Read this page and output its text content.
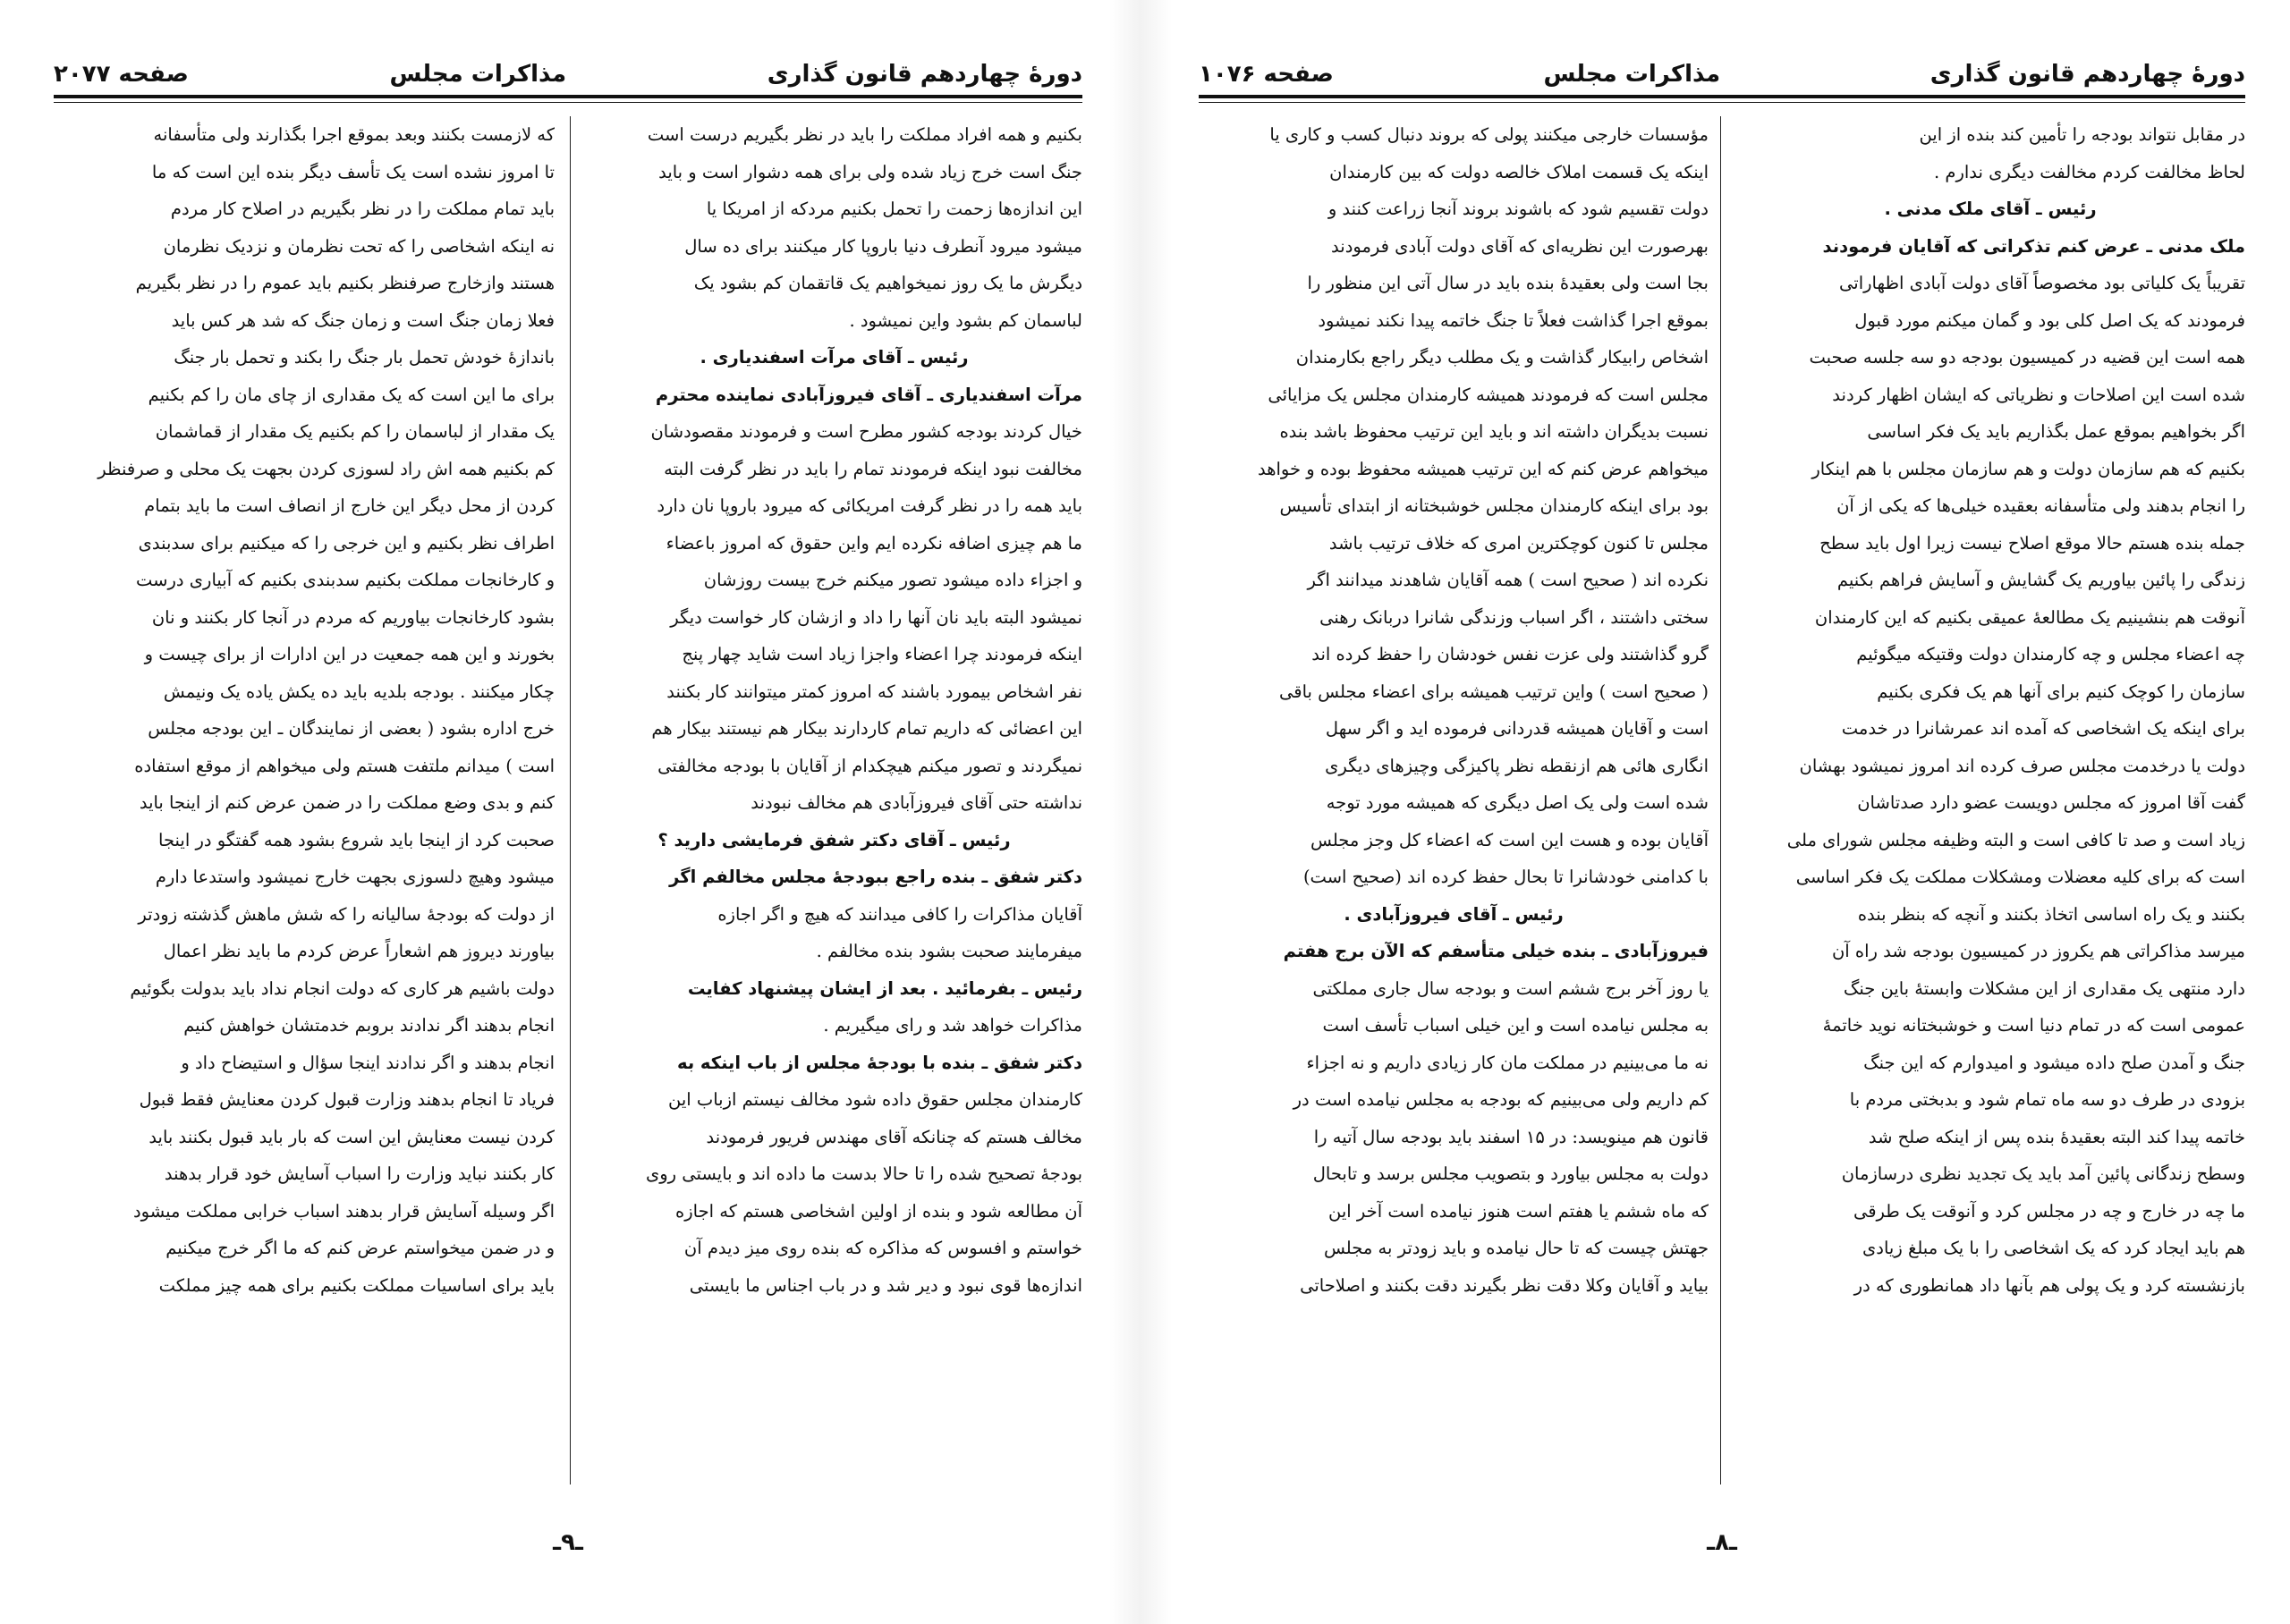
دورهٔ چهاردهم قانون گذاری
مذاکرات مجلس
صفحه ۲۰۷۷

بکنیم و همه افراد مملکت را باید در نظر بگیریم درست است

جنگ است خرج زیاد شده ولی برای همه دشوار است و باید

این اندازه‌ها زحمت را تحمل بکنیم مردکه از امریکا یا

میشود میرود آنطرف دنیا باروپا کار میکنند برای ده سال

دیگرش ما یک روز نمیخواهیم یک قاتقمان کم بشود یک

لباسمان کم بشود واین نمیشود .

رئیس ـ آقای مرآت اسفندیاری .

مرآت اسفندیاری ـ آقای فیروزآبادی نماینده محترم

خیال کردند بودجه کشور مطرح است و فرمودند مقصودشان

مخالفت نبود اینکه فرمودند تمام را باید در نظر گرفت البته

باید همه را در نظر گرفت امریکائی که میرود باروپا نان دارد

ما هم چیزی اضافه نکرده ایم واین حقوق که امروز باعضاء

و اجزاء داده میشود تصور میکنم خرج بیست روزشان

نمیشود البته باید نان آنها را داد و ازشان کار خواست دیگر

اینکه فرمودند چرا اعضاء واجزا زیاد است شاید چهار پنج

نفر اشخاص بیمورد باشند که امروز کمتر میتوانند کار بکنند

این اعضائی که داریم تمام کاردارند بیکار هم نیستند بیکار هم

نمیگردند و تصور میکنم هیچکدام از آقایان با بودجه مخالفتی

نداشته حتی آقای فیروزآبادی هم مخالف نبودند

رئیس ـ آقای دکتر شفق فرمایشی دارید ؟

دکتر شفق ـ بنده راجع ببودجهٔ مجلس مخالفم اگر

آقایان مذاکرات را کافی میدانند که هیچ و اگر اجازه

میفرمایند صحبت بشود بنده مخالفم .

رئیس ـ بفرمائید . بعد از ایشان پیشنهاد کفایت

مذاکرات خواهد شد و رای میگیریم .

دکتر شفق ـ بنده با بودجهٔ مجلس از باب اینکه به

کارمندان مجلس حقوق داده شود مخالف نیستم ازباب این

مخالف هستم که چنانکه آقای مهندس فریور فرمودند

بودجهٔ تصحیح شده را تا حالا بدست ما داده اند و بایستی روی

آن مطالعه شود و بنده از اولین اشخاصی هستم که اجازه

خواستم و افسوس که مذاکره که بنده روی میز دیدم آن

اندازه‌ها قوی نبود و دیر شد و در باب اجناس ما بایستی

که لازمست بکنند وبعد بموقع اجرا بگذارند ولی متأسفانه

تا امروز نشده است یک تأسف دیگر بنده این است که ما

باید تمام مملکت را در نظر بگیریم در اصلاح کار مردم

نه اینکه اشخاصی را که تحت نظرمان و نزدیک نظرمان

هستند وازخارج صرفنظر بکنیم باید عموم را در نظر بگیریم

فعلا زمان جنگ است و زمان جنگ که شد هر کس باید

باندازهٔ خودش تحمل بار جنگ را بکند و تحمل بار جنگ

برای ما این است که یک مقداری از چای مان را کم بکنیم

یک مقدار از لباسمان را کم بکنیم یک مقدار از قماشمان

کم بکنیم همه اش راد لسوزی کردن بجهت یک محلی و صرفنظر

کردن از محل دیگر این خارج از انصاف است ما باید بتمام

اطراف نظر بکنیم و این خرجی را که میکنیم برای سدبندی

و کارخانجات مملکت بکنیم سدبندی بکنیم که آبیاری درست

بشود کارخانجات بیاوریم که مردم در آنجا کار بکنند و نان

بخورند و این همه جمعیت در این ادارات از برای چیست و

چکار میکنند . بودجه بلدیه باید ده یکش یاده یک ونیمش

خرج اداره بشود ( بعضی از نمایندگان ـ این بودجه مجلس

است ) میدانم ملتفت هستم ولی میخواهم از موقع استفاده

کنم و بدی وضع مملکت را در ضمن عرض کنم از اینجا باید

صحبت کرد از اینجا باید شروع بشود همه گفتگو در اینجا

میشود وهیچ دلسوزی بجهت خارج نمیشود واستدعا دارم

از دولت که بودجهٔ سالیانه را که شش ماهش گذشته زودتر

بیاورند دیروز هم اشعاراً عرض کردم ما باید نظر اعمال

دولت باشیم هر کاری که دولت انجام نداد باید بدولت بگوئیم

انجام بدهند اگر ندادند بروبم خدمتشان خواهش کنیم

انجام بدهند و اگر ندادند اینجا سؤال و استیضاح داد و

فریاد تا انجام بدهند وزارت قبول کردن معنایش فقط قبول

کردن نیست معنایش این است که بار باید قبول بکنند باید

کار بکنند نباید وزارت را اسباب آسایش خود قرار بدهند

اگر وسیله آسایش قرار بدهند اسباب خرابی مملکت میشود

و در ضمن میخواستم عرض کنم که ما اگر خرج میکنیم

باید برای اساسیات مملکت بکنیم برای همه چیز مملکت

ـ۹ـ
دورهٔ چهاردهم قانون گذاری
مذاکرات مجلس
صفحه ۱۰۷۶

در مقابل نتواند بودجه را تأمین کند بنده از این

لحاظ مخالفت کردم مخالفت دیگری ندارم .

رئیس ـ آقای ملک مدنی .

ملک مدنی ـ عرض کنم تذکراتی که آقایان فرمودند

تقریباً یک کلیاتی بود مخصوصاً آقای دولت آبادی اظهاراتی

فرمودند که یک اصل کلی بود و گمان میکنم مورد قبول

همه است این قضیه در کمیسیون بودجه دو سه جلسه صحبت

شده است این اصلاحات و نظریاتی که ایشان اظهار کردند

اگر بخواهیم بموقع عمل بگذاریم باید یک فکر اساسی

بکنیم که هم سازمان دولت و هم سازمان مجلس با هم اینکار

را انجام بدهند ولی متأسفانه بعقیده خیلی‌ها که یکی از آن

جمله بنده هستم حالا موقع اصلاح نیست زیرا اول باید سطح

زندگی را پائین بیاوریم یک گشایش و آسایش فراهم بکنیم

آنوقت هم بنشینیم یک مطالعهٔ عمیقی بکنیم که این کارمندان

چه اعضاء مجلس و چه کارمندان دولت وقتیکه میگوئیم

سازمان را کوچک کنیم برای آنها هم یک فکری بکنیم

برای اینکه یک اشخاصی که آمده اند عمرشانرا در خدمت

دولت یا درخدمت مجلس صرف کرده اند امروز نمیشود بهشان

گفت آقا امروز که مجلس دویست عضو دارد صدتاشان

زیاد است و صد تا کافی است و البته وظیفه مجلس شورای ملی

است که برای کلیه معضلات ومشکلات مملکت یک فکر اساسی

بکنند و یک راه اساسی اتخاذ بکنند و آنچه که بنظر بنده

میرسد مذاکراتی هم یکروز در کمیسیون بودجه شد راه آن

دارد منتهی یک مقداری از این مشکلات وابستهٔ باین جنگ

عمومی است که در تمام دنیا است و خوشبختانه نوید خاتمهٔ

جنگ و آمدن صلح داده میشود و امیدوارم که این جنگ

بزودی در طرف دو سه ماه تمام شود و بدبختی مردم با

خاتمه پیدا کند البته بعقیدهٔ بنده پس از اینکه صلح شد

وسطح زندگانی پائین آمد باید یک تجدید نظری درسازمان

ما چه در خارج و چه در مجلس کرد و آنوقت یک طرقی

هم باید ایجاد کرد که یک اشخاصی را با یک مبلغ زیادی

بازنشسته کرد و یک پولی هم بآنها داد همانطوری که در

مؤسسات خارجی میکنند پولی که بروند دنبال کسب و کاری یا

اینکه یک قسمت املاک خالصه دولت که بین کارمندان

دولت تقسیم شود که باشوند بروند آنجا زراعت کنند و

بهرصورت این نظریه‌ای که آقای دولت آبادی فرمودند

بجا است ولی بعقیدهٔ بنده باید در سال آتی این منظور را

بموقع اجرا گذاشت فعلاً تا جنگ خاتمه پیدا نکند نمیشود

اشخاص رابیکار گذاشت و یک مطلب دیگر راجع بکارمندان

مجلس است که فرمودند همیشه کارمندان مجلس یک مزایائی

نسبت بدیگران داشته اند و باید این ترتیب محفوظ باشد بنده

میخواهم عرض کنم که این ترتیب همیشه محفوظ بوده و خواهد

بود برای اینکه کارمندان مجلس خوشبختانه از ابتدای تأسیس

مجلس تا کنون کوچکترین امری که خلاف ترتیب باشد

نکرده اند ( صحیح است ) همه آقایان شاهدند میدانند اگر

سختی داشتند ، اگر اسباب وزندگی شانرا دربانک رهنی

گرو گذاشتند ولی عزت نفس خودشان را حفظ کرده اند

( صحیح است ) واین ترتیب همیشه برای اعضاء مجلس باقی

است و آقایان همیشه قدردانی فرموده اید و اگر سهل

انگاری هائی هم ازنقطه نظر پاکیزگی وچیزهای دیگری

شده است ولی یک اصل دیگری که همیشه مورد توجه

آقایان بوده و هست این است که اعضاء کل وجز مجلس

با کدامنی خودشانرا تا بحال حفظ کرده اند (صحیح است)

رئیس ـ آقای فیروزآبادی .

فیروزآبادی ـ بنده خیلی متأسفم که الآن برج هفتم

یا روز آخر برج ششم است و بودجه سال جاری مملکتی

به مجلس نیامده است و این خیلی اسباب تأسف است

نه ما می‌بینیم در مملکت مان کار زیادی داریم و نه اجزاء

کم داریم ولی می‌بینیم که بودجه به مجلس نیامده است در

قانون هم مینویسد: در ۱۵ اسفند باید بودجه سال آتیه را

دولت به مجلس بیاورد و بتصویب مجلس برسد و تابحال

که ماه ششم یا هفتم است هنوز نیامده است آخر این

جهتش چیست که تا حال نیامده و باید زودتر به مجلس

بیاید و آقایان وکلا دقت نظر بگیرند دقت بکنند و اصلاحاتی

ـ۸ـ
